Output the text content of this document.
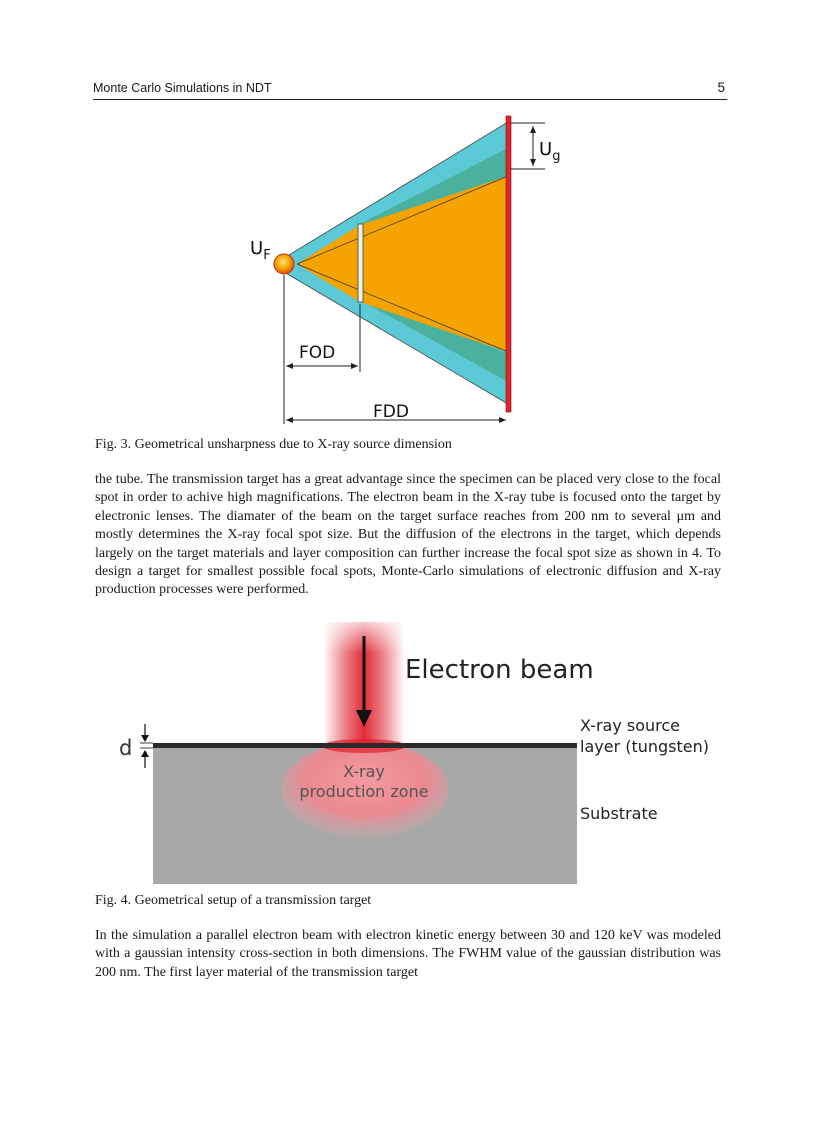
Monte Carlo Simulations in NDT	5
$U_g$
$U_F$
FOD
FDD
Fig. 3. Geometrical unsharpness due to X-ray source dimension

the tube. The transmission target has a great advantage since the specimen can be placed very close to the focal spot in order to achive high magnifications. The electron beam in the X-ray tube is focused onto the target by electronic lenses. The diamater of the beam on the target surface reaches from 200 nm to several μm and mostly determines the X-ray focal spot size. But the diffusion of the electrons in the target, which depends largely on the target materials and layer composition can further increase the focal spot size as shown in 4. To design a target for smallest possible focal spots, Monte-Carlo simulations of electronic diffusion and X-ray production processes were performed.

Electron beam
d
X-ray
production zone
X-ray source
layer (tungsten)
Substrate
Fig. 4. Geometrical setup of a transmission target

In the simulation a parallel electron beam with electron kinetic energy between 30 and 120 keV was modeled with a gaussian intensity cross-section in both dimensions. The FWHM value of the gaussian distribution was 200 nm. The first layer material of the transmission target
